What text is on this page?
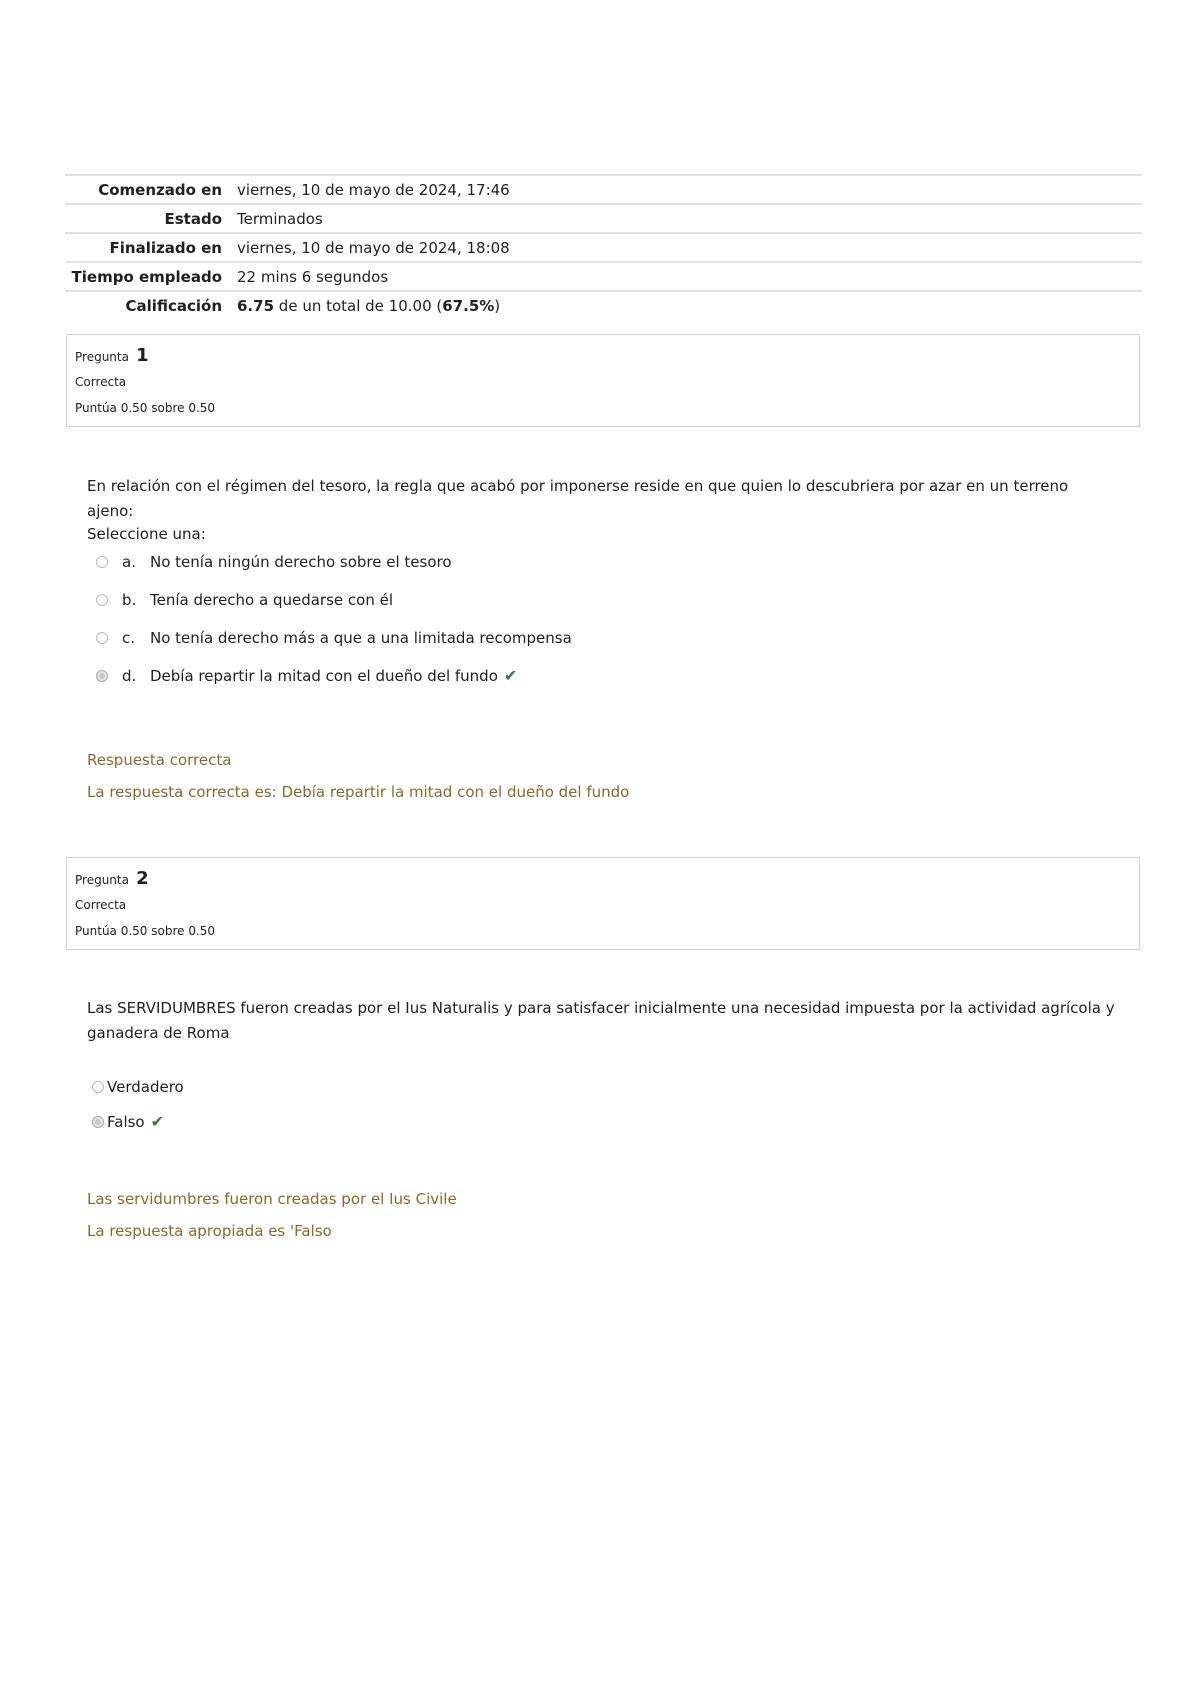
Comenzado en	viernes, 10 de mayo de 2024, 17:46
Estado	Terminados
Finalizado en	viernes, 10 de mayo de 2024, 18:08
Tiempo empleado	22 mins 6 segundos
Calificación	6.75 de un total de 10.00 (67.5%)
Pregunta 1
Correcta
Puntúa 0.50 sobre 0.50
En relación con el régimen del tesoro, la regla que acabó por imponerse reside en que quien lo descubriera por azar en un terreno ajeno:
Seleccione una:
a. No tenía ningún derecho sobre el tesoro
b. Tenía derecho a quedarse con él
c. No tenía derecho más a que a una limitada recompensa
d. Debía repartir la mitad con el dueño del fundo ✔
Respuesta correcta
La respuesta correcta es: Debía repartir la mitad con el dueño del fundo
Pregunta 2
Correcta
Puntúa 0.50 sobre 0.50
Las SERVIDUMBRES fueron creadas por el Ius Naturalis y para satisfacer inicialmente una necesidad impuesta por la actividad agrícola y ganadera de Roma
Verdadero
Falso ✔
Las servidumbres fueron creadas por el Ius Civile
La respuesta apropiada es 'Falso
